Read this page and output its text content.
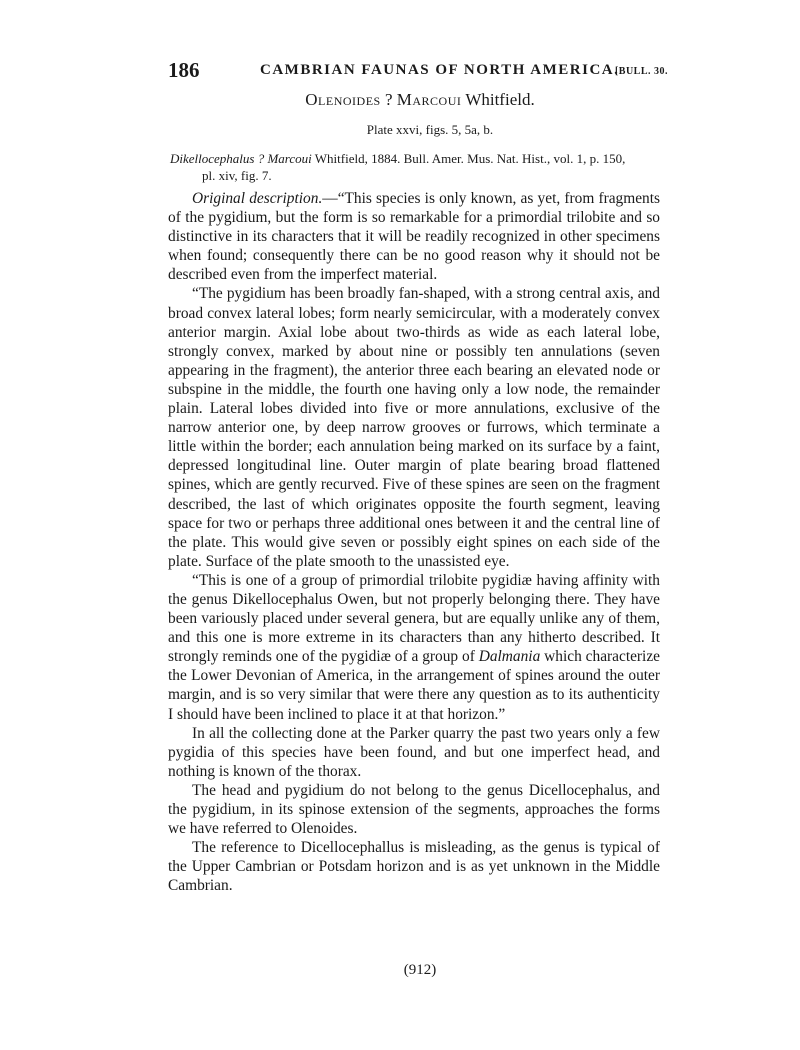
186	CAMBRIAN FAUNAS OF NORTH AMERICA.
[BULL. 30.
Olenoides ? Marcoui Whitfield.
Plate xxvi, figs. 5, 5a, b.
Dikellocephalus ? Marcoui Whitfield, 1884. Bull. Amer. Mus. Nat. Hist., vol. 1, p. 150,
pl. xiv, fig. 7.

Original description.—“This species is only known, as yet, from fragments of the pygidium, but the form is so remarkable for a primordial trilobite and so distinctive in its characters that it will be readily recognized in other specimens when found; consequently there can be no good reason why it should not be described even from the imperfect material.

“The pygidium has been broadly fan-shaped, with a strong central axis, and broad convex lateral lobes; form nearly semicircular, with a moderately convex anterior margin. Axial lobe about two-thirds as wide as each lateral lobe, strongly convex, marked by about nine or possibly ten annulations (seven appearing in the fragment), the anterior three each bearing an elevated node or subspine in the middle, the fourth one having only a low node, the remainder plain. Lateral lobes divided into five or more annulations, exclusive of the narrow anterior one, by deep narrow grooves or furrows, which terminate a little within the border; each annulation being marked on its surface by a faint, depressed longitudinal line. Outer margin of plate bearing broad flattened spines, which are gently recurved. Five of these spines are seen on the fragment described, the last of which originates opposite the fourth segment, leaving space for two or perhaps three additional ones between it and the central line of the plate. This would give seven or possibly eight spines on each side of the plate. Surface of the plate smooth to the unassisted eye.

“This is one of a group of primordial trilobite pygidiæ having affinity with the genus Dikellocephalus Owen, but not properly belonging there. They have been variously placed under several genera, but are equally unlike any of them, and this one is more extreme in its characters than any hitherto described. It strongly reminds one of the pygidiæ of a group of Dalmania which characterize the Lower Devonian of America, in the arrangement of spines around the outer margin, and is so very similar that were there any question as to its authenticity I should have been inclined to place it at that horizon.”

In all the collecting done at the Parker quarry the past two years only a few pygidia of this species have been found, and but one imperfect head, and nothing is known of the thorax.

The head and pygidium do not belong to the genus Dicellocephalus, and the pygidium, in its spinose extension of the segments, approaches the forms we have referred to Olenoides.

The reference to Dicellocephallus is misleading, as the genus is typical of the Upper Cambrian or Potsdam horizon and is as yet unknown in the Middle Cambrian.

(912)
